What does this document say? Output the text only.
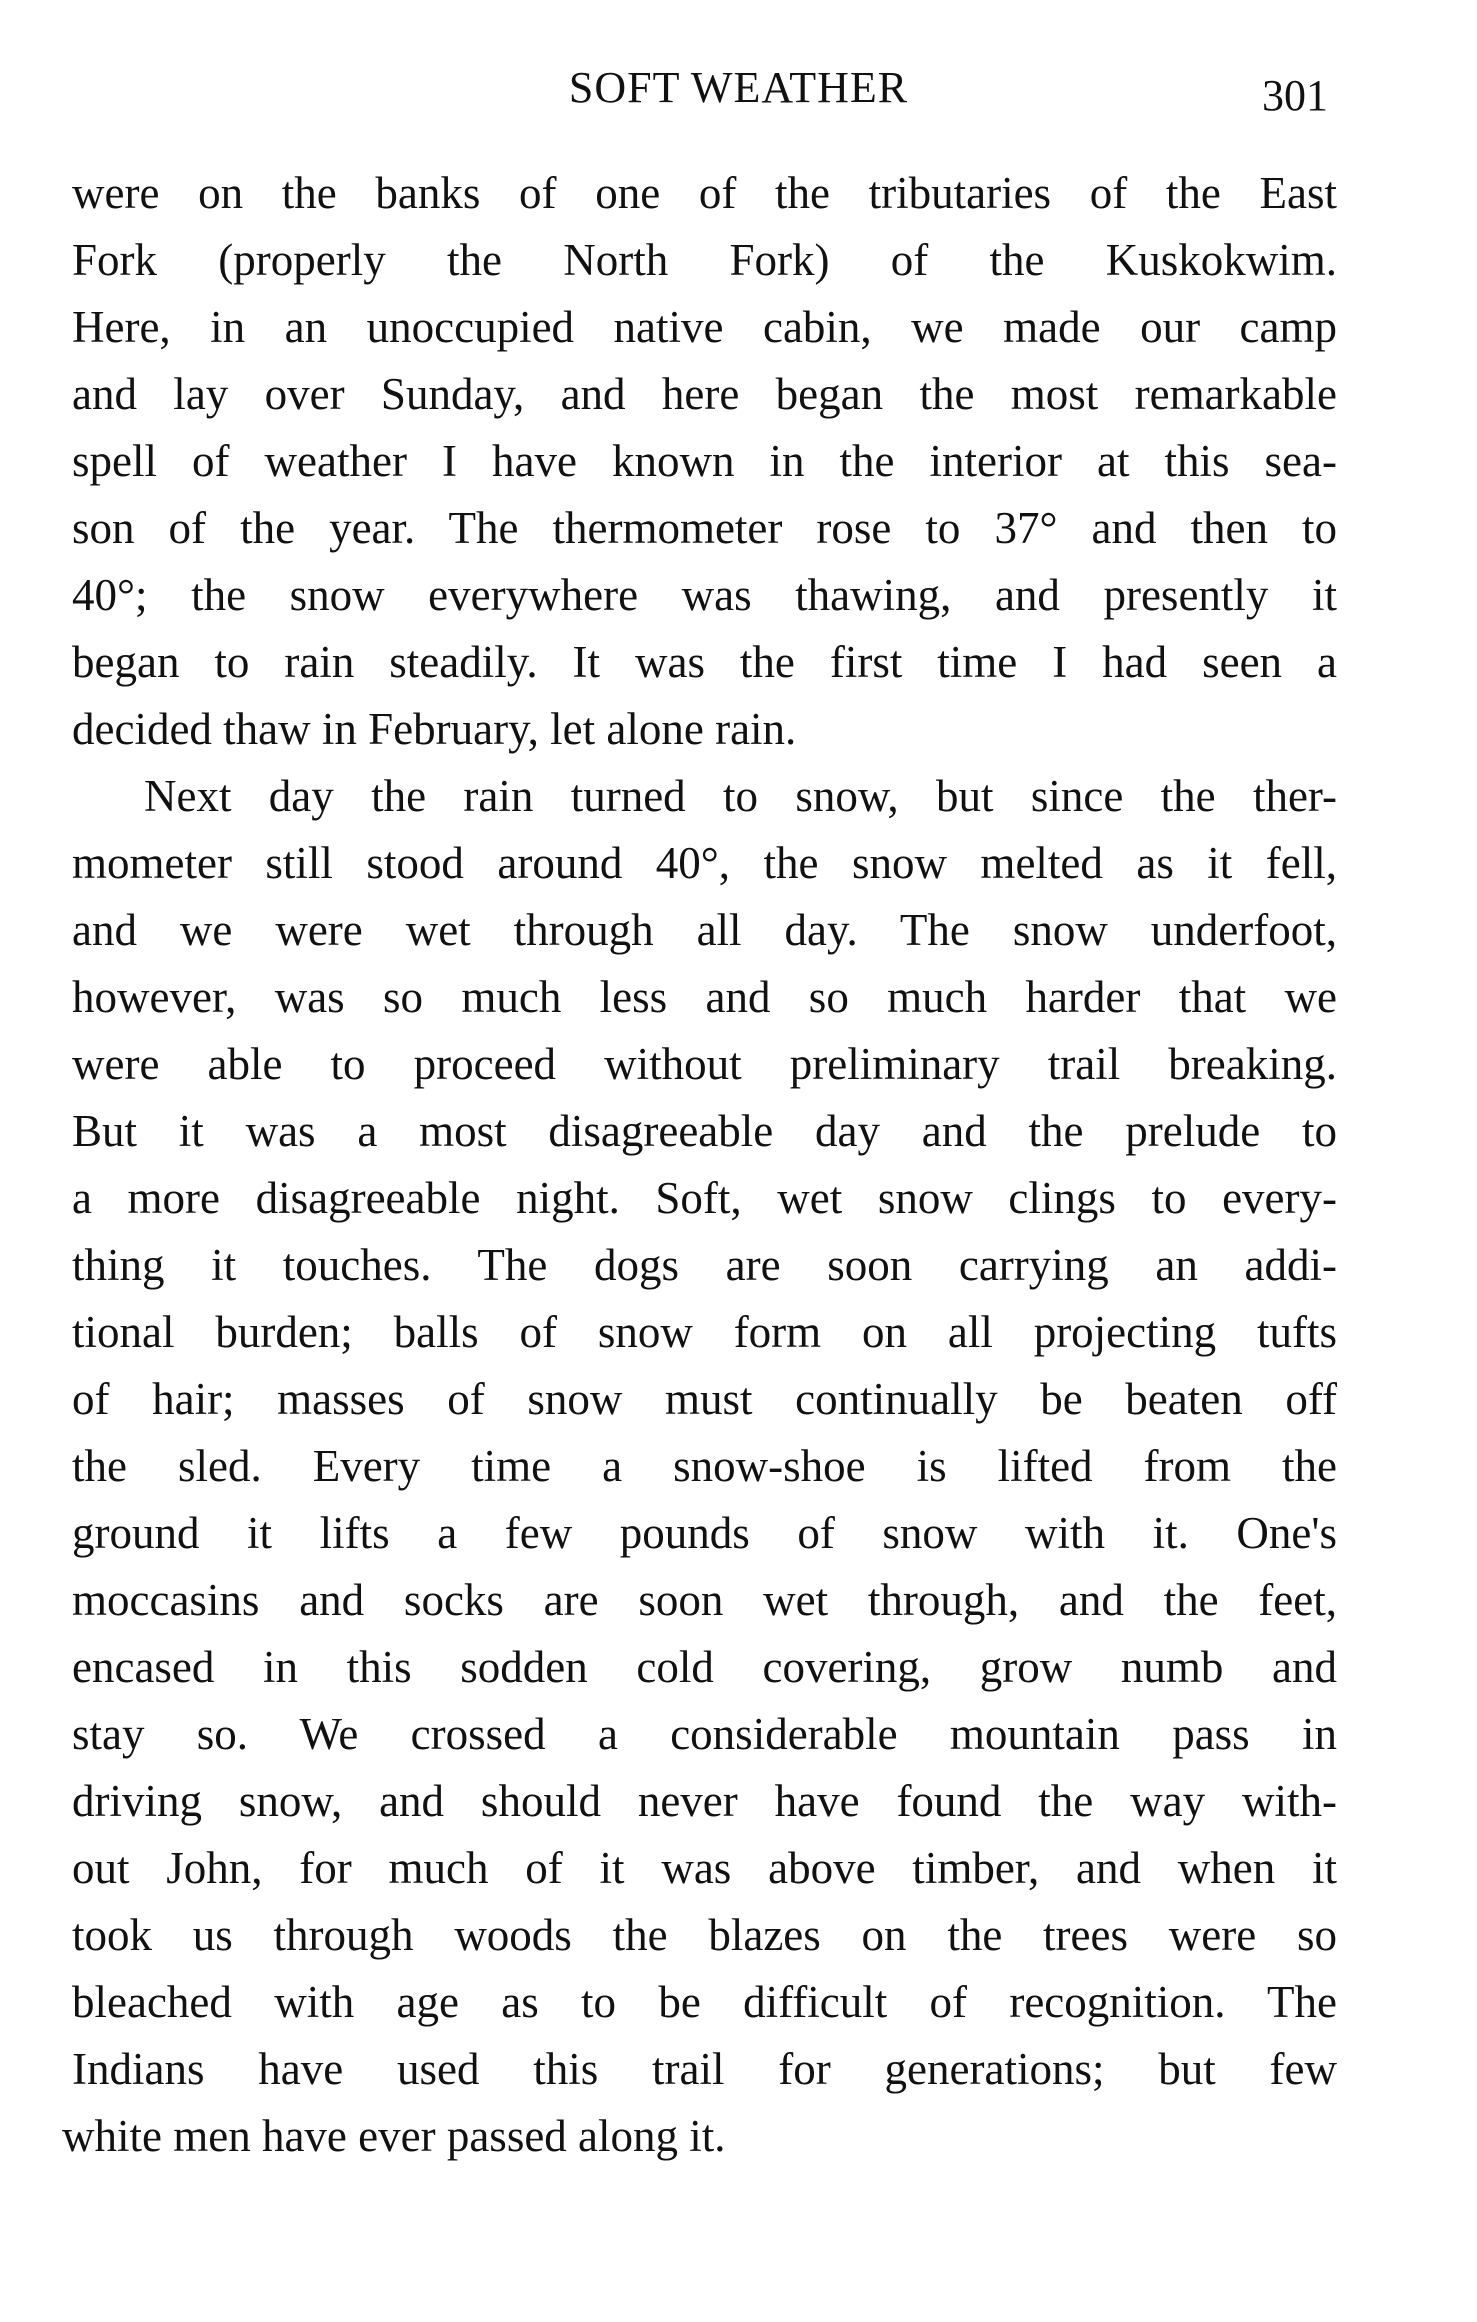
SOFT WEATHER	301
were on the banks of one of the tributaries of the East
Fork (properly the North Fork) of the Kuskokwim.
Here, in an unoccupied native cabin, we made our camp
and lay over Sunday, and here began the most remarkable
spell of weather I have known in the interior at this sea-
son of the year. The thermometer rose to 37° and then to
40°; the snow everywhere was thawing, and presently it
began to rain steadily. It was the first time I had seen a
decided thaw in February, let alone rain.
Next day the rain turned to snow, but since the ther-
mometer still stood around 40°, the snow melted as it fell,
and we were wet through all day. The snow underfoot,
however, was so much less and so much harder that we
were able to proceed without preliminary trail breaking.
But it was a most disagreeable day and the prelude to
a more disagreeable night. Soft, wet snow clings to every-
thing it touches. The dogs are soon carrying an addi-
tional burden; balls of snow form on all projecting tufts
of hair; masses of snow must continually be beaten off
the sled. Every time a snow-shoe is lifted from the
ground it lifts a few pounds of snow with it. One's
moccasins and socks are soon wet through, and the feet,
encased in this sodden cold covering, grow numb and
stay so. We crossed a considerable mountain pass in
driving snow, and should never have found the way with-
out John, for much of it was above timber, and when it
took us through woods the blazes on the trees were so
bleached with age as to be difficult of recognition. The
Indians have used this trail for generations; but few
white men have ever passed along it.
